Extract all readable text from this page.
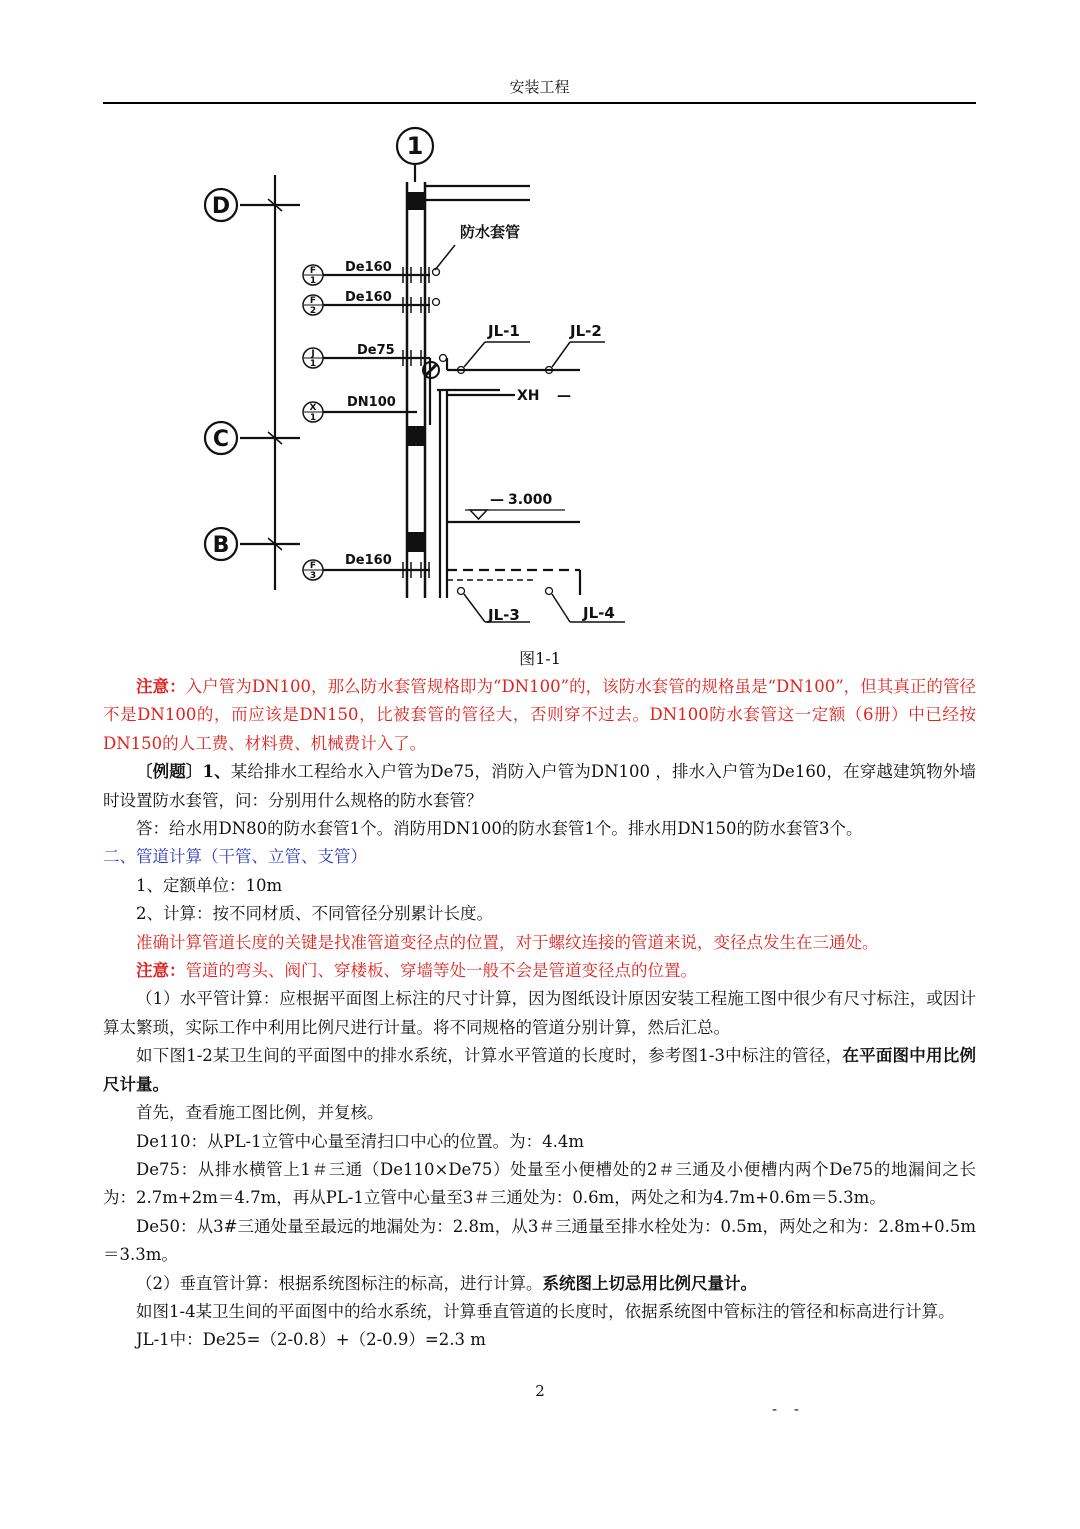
安装工程
1
D
C
B
防水套管
De160
De160
De75
DN100
De160
F
1
F
2
J
1
X
1
F
3
JL-1	JL-2
XH —
JL-3	JL-4
— 3.000
图1-1

注意：入户管为DN100，那么防水套管规格即为“DN100”的，该防水套管的规格虽是“DN100”，但其真正的管径不是DN100的，而应该是DN150，比被套管的管径大，否则穿不过去。DN100防水套管这一定额（6册）中已经按DN150的人工费、材料费、机械费计入了。

〔例题〕1、某给排水工程给水入户管为De75，消防入户管为DN100 ，排水入户管为De160，在穿越建筑物外墙时设置防水套管，问：分别用什么规格的防水套管？

答：给水用DN80的防水套管1个。消防用DN100的防水套管1个。排水用DN150的防水套管3个。

二、管道计算（干管、立管、支管）

1、定额单位：10m

2、计算：按不同材质、不同管径分别累计长度。

准确计算管道长度的关键是找准管道变径点的位置，对于螺纹连接的管道来说，变径点发生在三通处。

注意：管道的弯头、阀门、穿楼板、穿墙等处一般不会是管道变径点的位置。

（1）水平管计算：应根据平面图上标注的尺寸计算，因为图纸设计原因安装工程施工图中很少有尺寸标注，或因计算太繁琐，实际工作中利用比例尺进行计量。将不同规格的管道分别计算，然后汇总。

如下图1-2某卫生间的平面图中的排水系统，计算水平管道的长度时，参考图1-3中标注的管径，在平面图中用比例尺计量。

首先，查看施工图比例，并复核。

De110：从PL-1立管中心量至清扫口中心的位置。为：4.4m

De75：从排水横管上1＃三通（De110×De75）处量至小便槽处的2＃三通及小便槽内两个De75的地漏间之长为：2.7m+2m＝4.7m，再从PL-1立管中心量至3＃三通处为：0.6m，两处之和为4.7m+0.6m＝5.3m。

De50：从3#三通处量至最远的地漏处为：2.8m，从3＃三通量至排水栓处为：0.5m，两处之和为：2.8m+0.5m＝3.3m。

（2）垂直管计算：根据系统图标注的标高，进行计算。系统图上切忌用比例尺量计。

如图1-4某卫生间的平面图中的给水系统，计算垂直管道的长度时，依据系统图中管标注的管径和标高进行计算。

JL-1中：De25=（2-0.8）+（2-0.9）=2.3 m

2
- -
